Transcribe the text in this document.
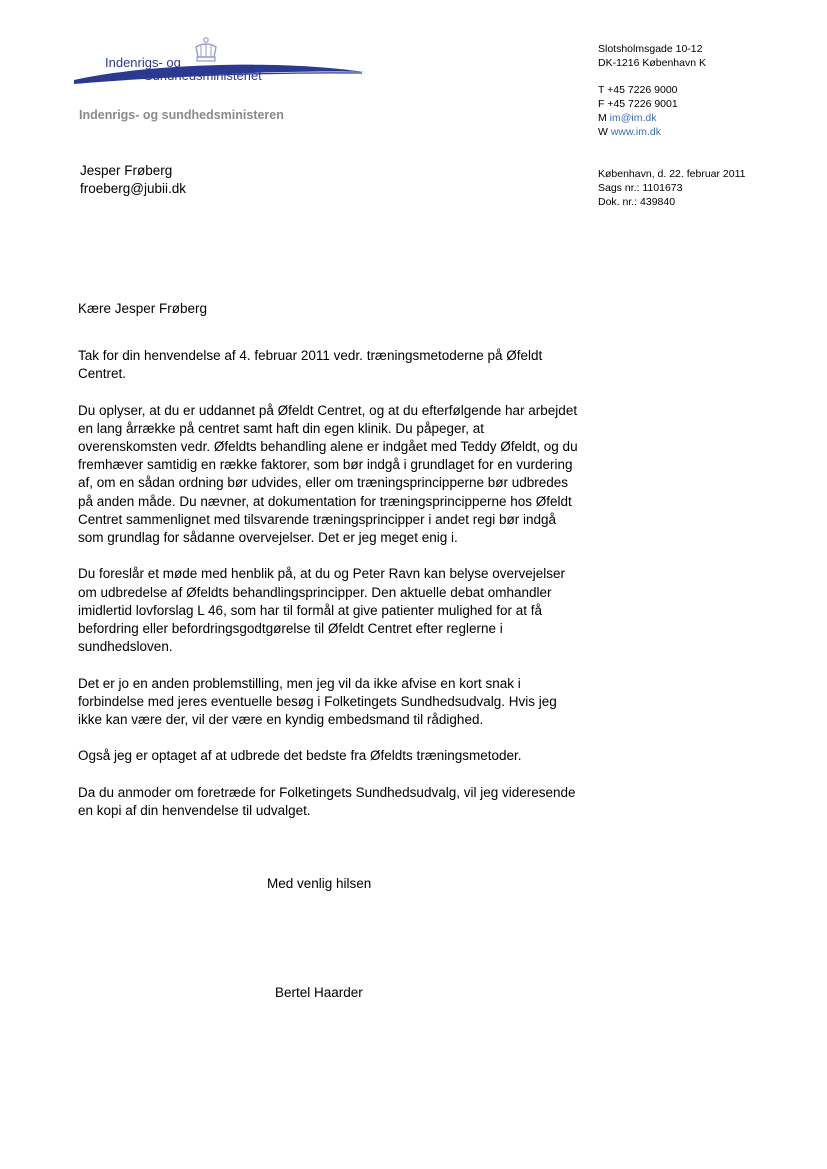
Indenrigs- og
Sundhedsministeriet
Indenrigs- og sundhedsministeren
Slotsholmsgade 10-12
DK-1216 København K
T +45 7226 9000
F +45 7226 9001
M im@im.dk
W www.im.dk
København, d. 22. februar 2011
Sags nr.: 1101673
Dok. nr.: 439840
Jesper Frøberg
froeberg@jubii.dk

Kære Jesper Frøberg

Tak for din henvendelse af 4. februar 2011 vedr. træningsmetoderne på Øfeldt Centret.

Du oplyser, at du er uddannet på Øfeldt Centret, og at du efterfølgende har arbejdet en lang årrække på centret samt haft din egen klinik. Du påpeger, at overenskomsten vedr. Øfeldts behandling alene er indgået med Teddy Øfeldt, og du fremhæver samtidig en række faktorer, som bør indgå i grundlaget for en vurdering af, om en sådan ordning bør udvides, eller om træningsprincipperne bør udbredes på anden måde. Du nævner, at dokumentation for træningsprincipperne hos Øfeldt Centret sammenlignet med tilsvarende træningsprincipper i andet regi bør indgå som grundlag for sådanne overvejelser. Det er jeg meget enig i.

Du foreslår et møde med henblik på, at du og Peter Ravn kan belyse overvejelser om udbredelse af Øfeldts behandlingsprincipper. Den aktuelle debat omhandler imidlertid lovforslag L 46, som har til formål at give patienter mulighed for at få befordring eller befordringsgodtgørelse til Øfeldt Centret efter reglerne i sundhedsloven.

Det er jo en anden problemstilling, men jeg vil da ikke afvise en kort snak i forbindelse med jeres eventuelle besøg i Folketingets Sundhedsudvalg. Hvis jeg ikke kan være der, vil der være en kyndig embedsmand til rådighed.

Også jeg er optaget af at udbrede det bedste fra Øfeldts træningsmetoder.

Da du anmoder om foretræde for Folketingets Sundhedsudvalg, vil jeg videresende en kopi af din henvendelse til udvalget.

Med venlig hilsen
Bertel Haarder
